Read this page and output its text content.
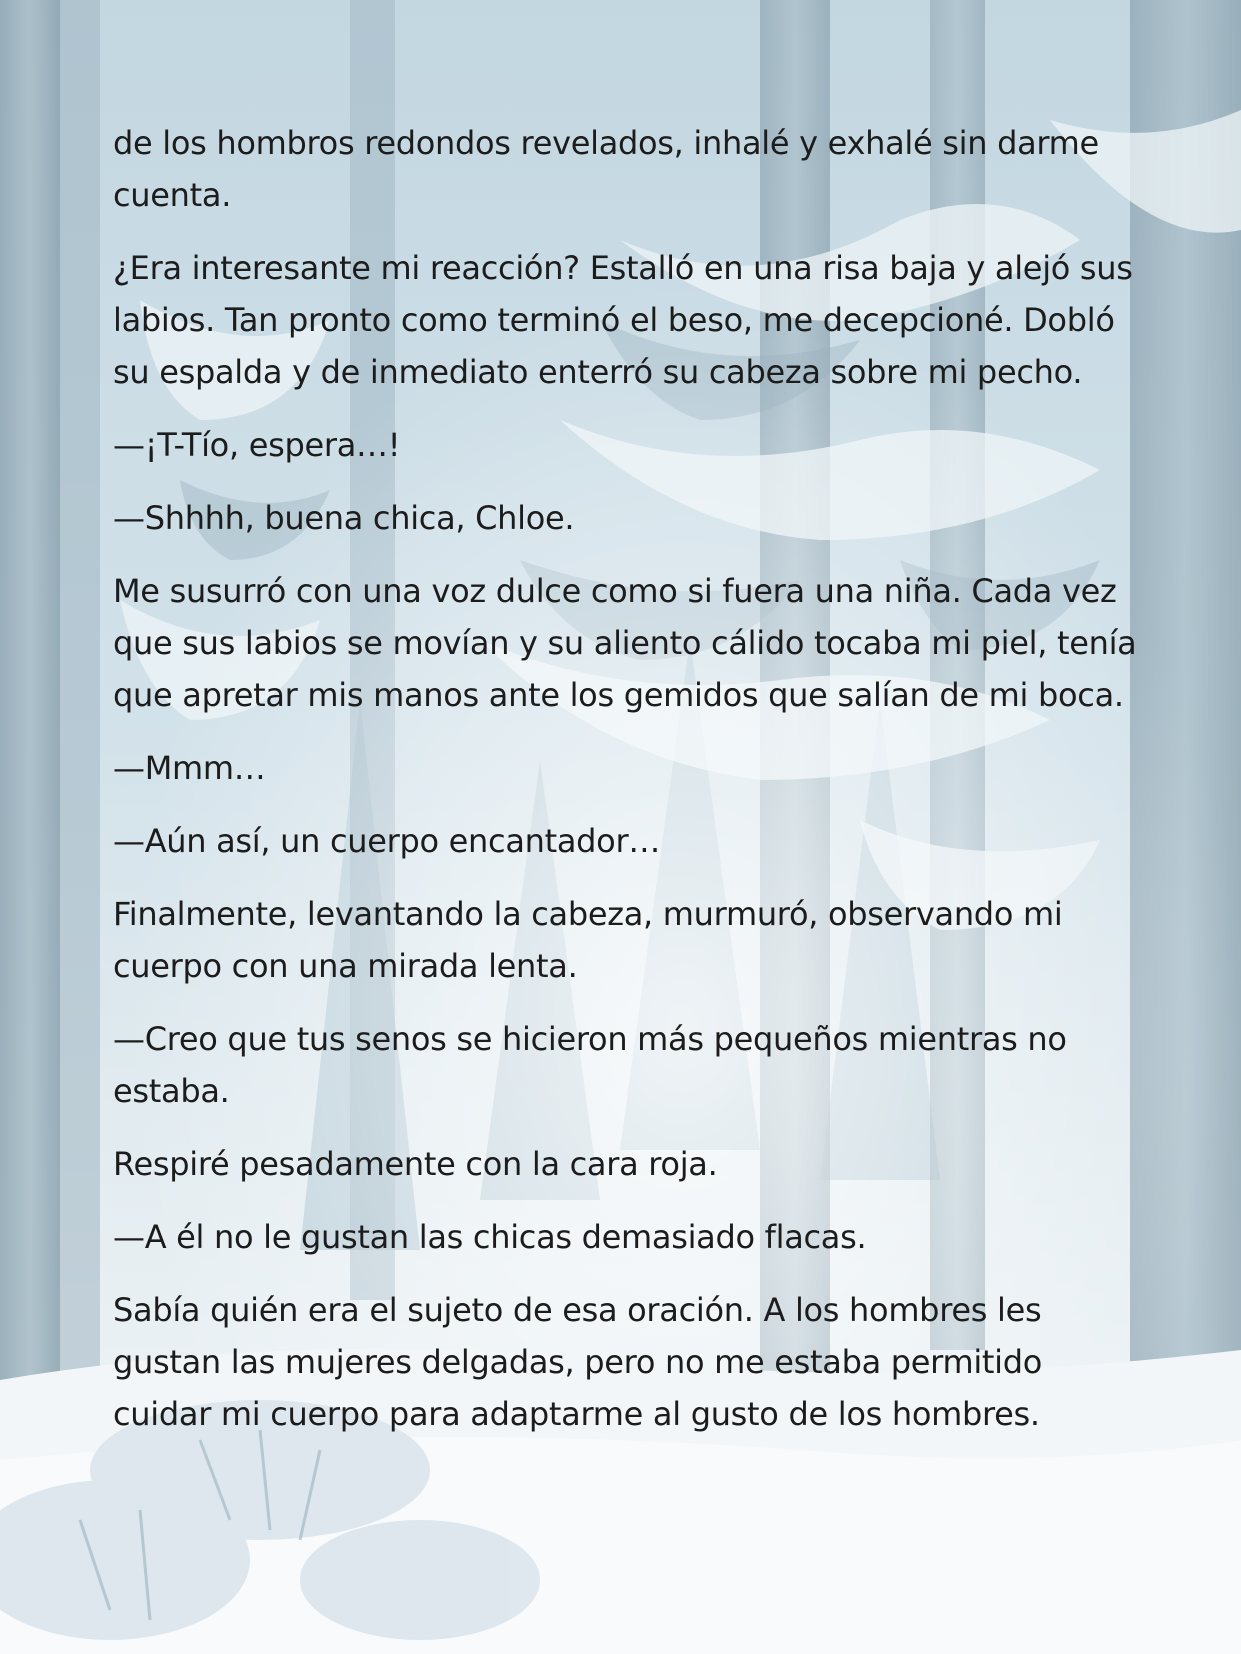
de los hombros redondos revelados, inhalé y exhalé sin darme cuenta.

¿Era interesante mi reacción? Estalló en una risa baja y alejó sus labios. Tan pronto como terminó el beso, me decepcioné. Dobló su espalda y de inmediato enterró su cabeza sobre mi pecho.

—¡T-Tío, espera…!

—Shhhh, buena chica, Chloe.

Me susurró con una voz dulce como si fuera una niña. Cada vez que sus labios se movían y su aliento cálido tocaba mi piel, tenía que apretar mis manos ante los gemidos que salían de mi boca.

—Mmm…

—Aún así, un cuerpo encantador…

Finalmente, levantando la cabeza, murmuró, observando mi cuerpo con una mirada lenta.

—Creo que tus senos se hicieron más pequeños mientras no estaba.

Respiré pesadamente con la cara roja.

—A él no le gustan las chicas demasiado flacas.

Sabía quién era el sujeto de esa oración. A los hombres les gustan las mujeres delgadas, pero no me estaba permitido cuidar mi cuerpo para adaptarme al gusto de los hombres.
